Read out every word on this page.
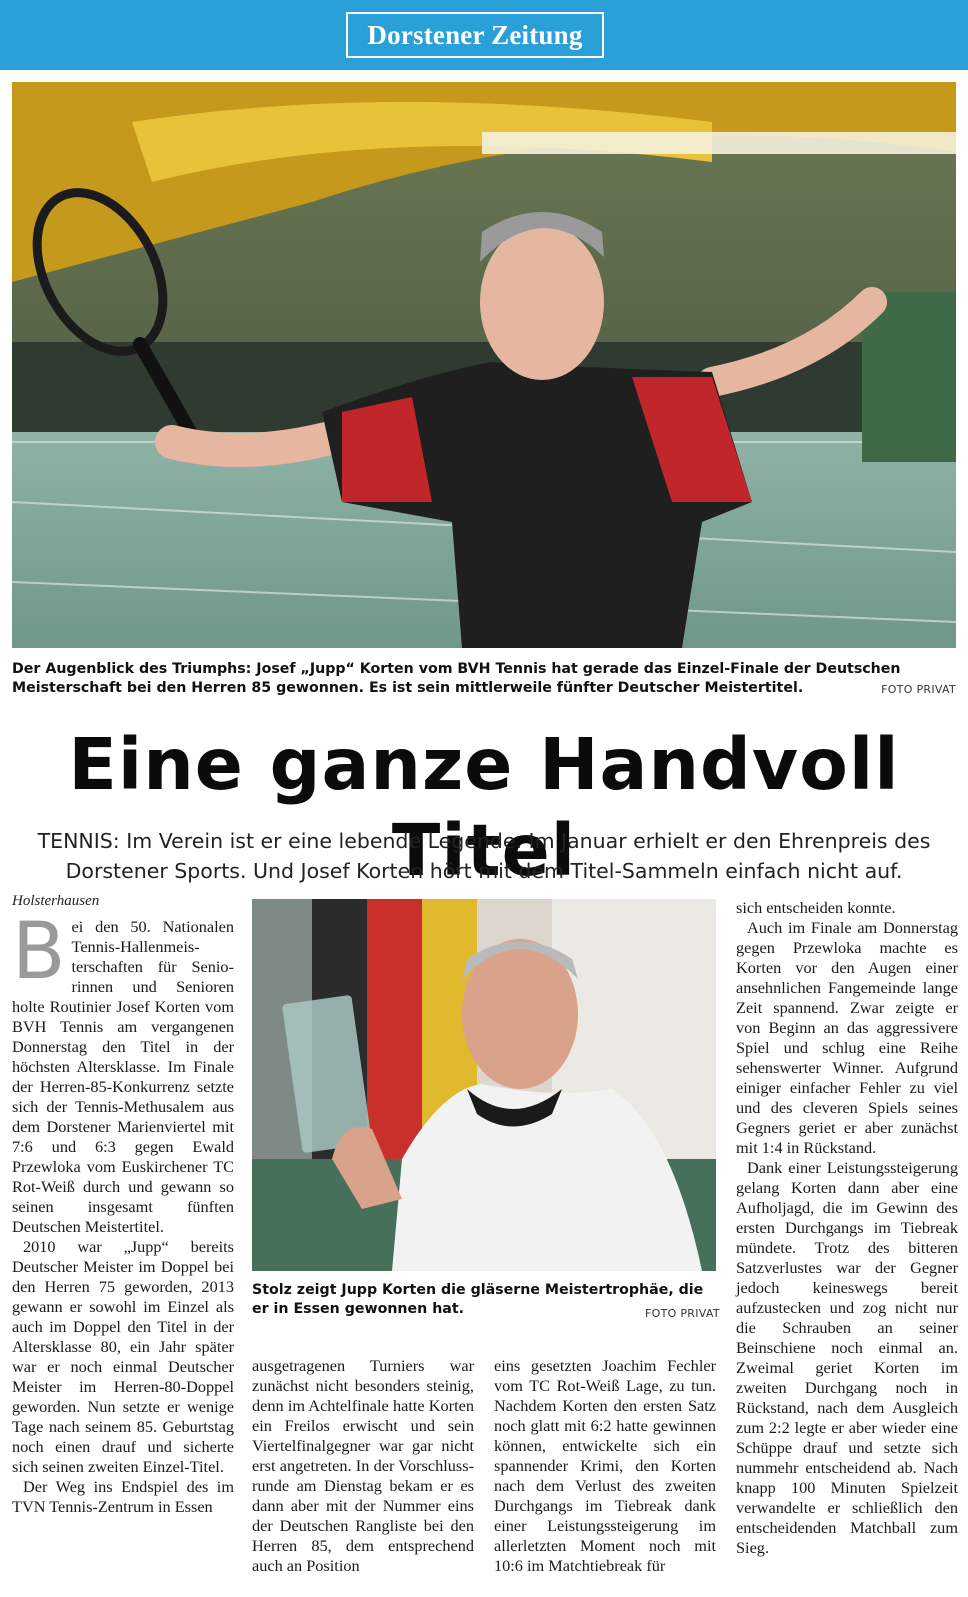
Dorstener Zeitung
Der Augenblick des Triumphs: Josef „Jupp“ Korten vom BVH Tennis hat gerade das Einzel-Finale der Deutschen Meisterschaft bei den Herren 85 gewonnen. Es ist sein mittlerweile fünfter Deutscher Meistertitel.	FOTO PRIVAT
Eine ganze Handvoll Titel
TENNIS: Im Verein ist er eine lebende Legende. Im Januar erhielt er den Ehrenpreis des Dorstener Sports. Und Josef Korten hört mit dem Titel-Sammeln einfach nicht auf.
Holsterhausen

Bei den 50. Nationalen Tennis-Hallenmeisterschaften für Seniorinnen und Senioren holte Routinier Josef Korten vom BVH Tennis am vergangenen Donnerstag den Titel in der höchsten Altersklasse. Im Finale der Herren-85-Konkurrenz setzte sich der Tennis-Methusalem aus dem Dorstener Marienviertel mit 7:6 und 6:3 gegen Ewald Przewloka vom Euskirchener TC Rot-Weiß durch und gewann so seinen insgesamt fünften Deutschen Meistertitel.

2010 war „Jupp“ bereits Deutscher Meister im Doppel bei den Herren 75 geworden, 2013 gewann er sowohl im Einzel als auch im Doppel den Titel in der Altersklasse 80, ein Jahr später war er noch einmal Deutscher Meister im Herren-80-Doppel geworden. Nun setzte er wenige Tage nach seinem 85. Geburtstag noch einen drauf und sicherte sich seinen zweiten Einzel-Titel.

Der Weg ins Endspiel des im TVN Tennis-Zentrum in Essen

Stolz zeigt Jupp Korten die gläserne Meistertrophäe, die er in Essen gewonnen hat.	FOTO PRIVAT

ausgetragenen Turniers war zunächst nicht besonders steinig, denn im Achtelfinale hatte Korten ein Freilos erwischt und sein Viertelfinalgegner war gar nicht erst angetreten. In der Vorschlussrunde am Dienstag bekam er es dann aber mit der Nummer eins der Deutschen Rangliste bei den Herren 85, dem entsprechend auch an Position

eins gesetzten Joachim Fechler vom TC Rot-Weiß Lage, zu tun. Nachdem Korten den ersten Satz noch glatt mit 6:2 hatte gewinnen können, entwickelte sich ein spannender Krimi, den Korten nach dem Verlust des zweiten Durchgangs im Tiebreak dank einer Leistungssteigerung im allerletzten Moment noch mit 10:6 im Matchtiebreak für

sich entscheiden konnte.

Auch im Finale am Donnerstag gegen Przewloka machte es Korten vor den Augen einer ansehnlichen Fangemeinde lange Zeit spannend. Zwar zeigte er von Beginn an das aggressivere Spiel und schlug eine Reihe sehenswerter Winner. Aufgrund einiger einfacher Fehler zu viel und des cleveren Spiels seines Gegners geriet er aber zunächst mit 1:4 in Rückstand.

Dank einer Leistungssteigerung gelang Korten dann aber eine Aufholjagd, die im Gewinn des ersten Durchgangs im Tiebreak mündete. Trotz des bitteren Satzverlustes war der Gegner jedoch keineswegs bereit aufzustecken und zog nicht nur die Schrauben an seiner Beinschiene noch einmal an. Zweimal geriet Korten im zweiten Durchgang noch in Rückstand, nach dem Ausgleich zum 2:2 legte er aber wieder eine Schüppe drauf und setzte sich nummehr entscheidend ab. Nach knapp 100 Minuten Spielzeit verwandelte er schließlich den entscheidenden Matchball zum Sieg.
